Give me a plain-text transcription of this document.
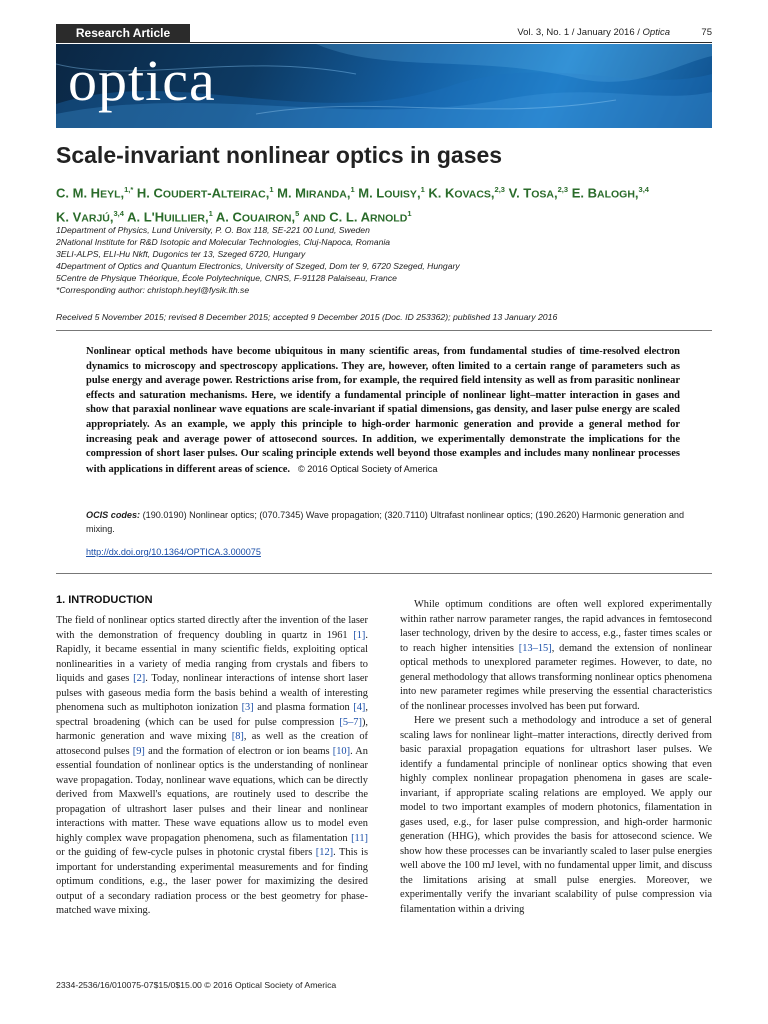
Research Article	Vol. 3, No. 1 / January 2016 / Optica	75
optica
Scale-invariant nonlinear optics in gases
C. M. HEYL,$^{1,*}$ H. COUDERT-ALTEIRAC,$^1$ M. MIRANDA,$^1$ M. LOUISY,$^1$ K. KOVACS,$^{2,3}$ V. TOSA,$^{2,3}$ E. BALOGH,$^{3,4}$
K. VARJÚ,$^{3,4}$ A. L'HUILLIER,$^1$ A. COUAIRON,$^5$ AND C. L. ARNOLD$^1$
1Department of Physics, Lund University, P. O. Box 118, SE-221 00 Lund, Sweden
2National Institute for R&D Isotopic and Molecular Technologies, Cluj-Napoca, Romania
3ELI-ALPS, ELI-Hu Nkft, Dugonics ter 13, Szeged 6720, Hungary
4Department of Optics and Quantum Electronics, University of Szeged, Dom ter 9, 6720 Szeged, Hungary
5Centre de Physique Théorique, École Polytechnique, CNRS, F-91128 Palaiseau, France
*Corresponding author: christoph.heyl@fysik.lth.se
Received 5 November 2015; revised 8 December 2015; accepted 9 December 2015 (Doc. ID 253362); published 13 January 2016
Nonlinear optical methods have become ubiquitous in many scientific areas, from fundamental studies of time-resolved electron dynamics to microscopy and spectroscopy applications. They are, however, often limited to a certain range of parameters such as pulse energy and average power. Restrictions arise from, for example, the required field intensity as well as from parasitic nonlinear effects and saturation mechanisms. Here, we identify a fundamental principle of nonlinear light–matter interaction in gases and show that paraxial nonlinear wave equations are scale-invariant if spatial dimensions, gas density, and laser pulse energy are scaled appropriately. As an example, we apply this principle to high-order harmonic generation and provide a general method for increasing peak and average power of attosecond sources. In addition, we experimentally demonstrate the implications for the compression of short laser pulses. Our scaling principle extends well beyond those examples and includes many nonlinear processes with applications in different areas of science. © 2016 Optical Society of America
OCIS codes: (190.0190) Nonlinear optics; (070.7345) Wave propagation; (320.7110) Ultrafast nonlinear optics; (190.2620) Harmonic generation and mixing.
http://dx.doi.org/10.1364/OPTICA.3.000075
1. INTRODUCTION

The field of nonlinear optics started directly after the invention of the laser with the demonstration of frequency doubling in quartz in 1961 [1]. Rapidly, it became essential in many scientific fields, exploiting optical nonlinearities in a variety of media ranging from crystals and fibers to liquids and gases [2]. Today, nonlinear interactions of intense short laser pulses with gaseous media form the basis behind a wealth of interesting phenomena such as multiphoton ionization [3] and plasma formation [4], spectral broadening (which can be used for pulse compression [5–7]), harmonic generation and wave mixing [8], as well as the creation of attosecond pulses [9] and the formation of electron or ion beams [10]. An essential foundation of nonlinear optics is the understanding of nonlinear wave propagation. Today, nonlinear wave equations, which can be directly derived from Maxwell's equations, are routinely used to describe the propagation of ultrashort laser pulses and their linear and nonlinear interactions with matter. These wave equations allow us to model even highly complex wave propagation phenomena, such as filamentation [11] or the guiding of few-cycle pulses in photonic crystal fibers [12]. This is important for understanding experimental measurements and for finding optimum conditions, e.g., the laser power for maximizing the desired output of a secondary radiation process or the best geometry for phase-matched wave mixing.

While optimum conditions are often well explored experimentally within rather narrow parameter ranges, the rapid advances in femtosecond laser technology, driven by the desire to access, e.g., faster times scales or to reach higher intensities [13–15], demand the extension of nonlinear optical methods to unexplored parameter regimes. However, to date, no general methodology that allows transforming nonlinear optics phenomena into new parameter regimes while preserving the essential characteristics of the nonlinear processes involved has been put forward.

Here we present such a methodology and introduce a set of general scaling laws for nonlinear light–matter interactions, directly derived from basic paraxial propagation equations for ultrashort laser pulses. We identify a fundamental principle of nonlinear optics showing that even highly complex nonlinear propagation phenomena in gases are scale-invariant, if appropriate scaling relations are employed. We apply our model to two important examples of modern photonics, filamentation in gases used, e.g., for laser pulse compression, and high-order harmonic generation (HHG), which provides the basis for attosecond science. We show how these processes can be invariantly scaled to laser pulse energies well above the 100 mJ level, with no fundamental upper limit, and discuss the limitations arising at small pulse energies. Moreover, we experimentally verify the invariant scalability of pulse compression via filamentation within a driving

2334-2536/16/010075-07$15/0$15.00 © 2016 Optical Society of America
